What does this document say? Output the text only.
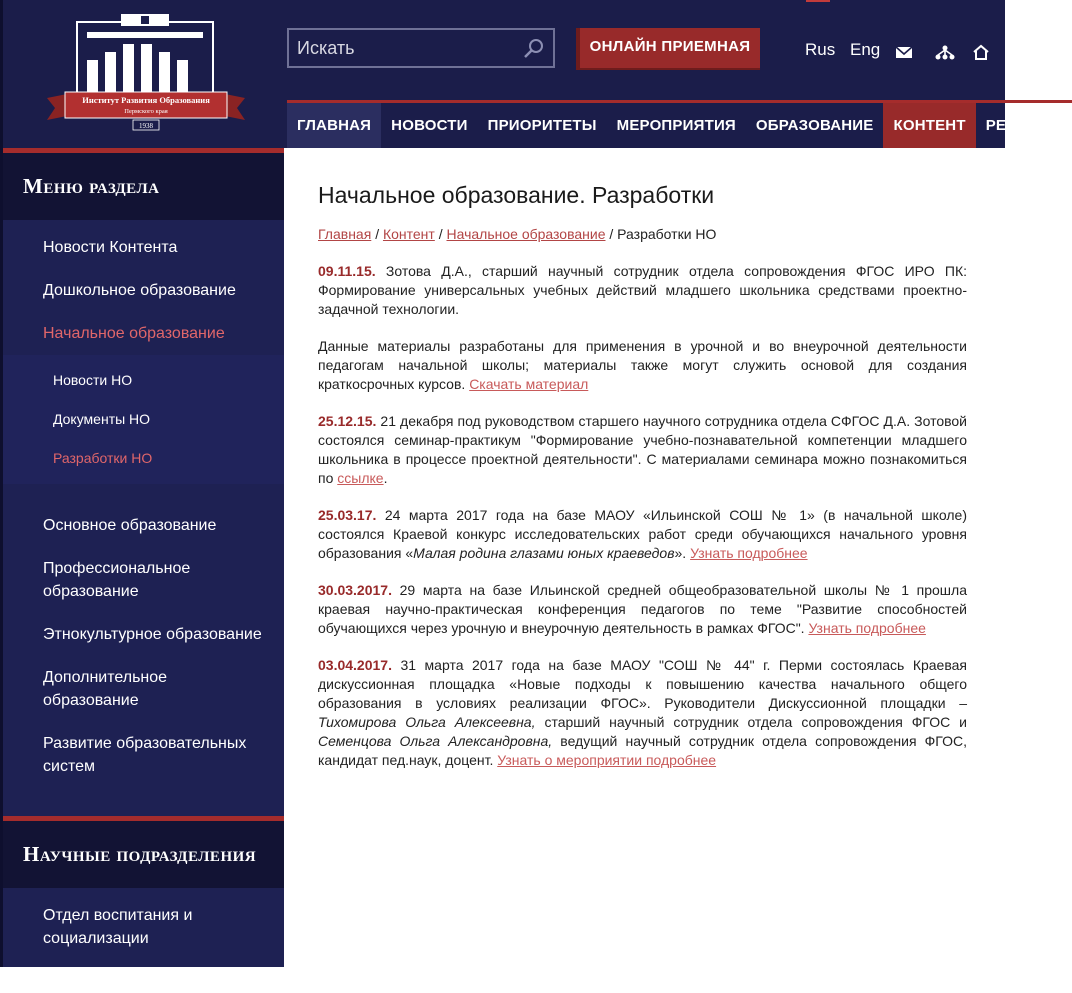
Институт Развития Образования
Пермского края
1938
Искать
ОНЛАЙН ПРИЕМНАЯ	Rus Eng
ГЛАВНАЯ	НОВОСТИ	ПРИОРИТЕТЫ	МЕРОПРИЯТИЯ	ОБРАЗОВАНИЕ	КОНТЕНТ	РЕСУРСЫ
Меню раздела
Новости Контента
Дошкольное образование
Начальное образование
Новости НО
Документы НО
Разработки НО
Основное образование
Профессиональное образование
Этнокультурное образование
Дополнительное образование
Развитие образовательных систем
Научные подразделения
Отдел воспитания и социализации
Отдел оценки качества
Начальное образование. Разработки
Главная / Контент / Начальное образование / Разработки НО

09.11.15. Зотова Д.А., старший научный сотрудник отдела сопровождения ФГОС ИРО ПК: Формирование универсальных учебных действий младшего школьника средствами проектно-задачной технологии.

Данные материалы разработаны для применения в урочной и во внеурочной деятельности педагогам начальной школы; материалы также могут служить основой для создания краткосрочных курсов. Скачать материал

25.12.15. 21 декабря под руководством старшего научного сотрудника отдела СФГОС Д.А. Зотовой состоялся семинар-практикум "Формирование учебно-познавательной компетенции младшего школьника в процессе проектной деятельности". С материалами семинара можно познакомиться по ссылке.

25.03.17. 24 марта 2017 года на базе МАОУ «Ильинской СОШ № 1» (в начальной школе) состоялся Краевой конкурс исследовательских работ среди обучающихся начального уровня образования «Малая родина глазами юных краеведов». Узнать подробнее

30.03.2017. 29 марта на базе Ильинской средней общеобразовательной школы № 1 прошла краевая научно-практическая конференция педагогов по теме "Развитие способностей обучающихся через урочную и внеурочную деятельность в рамках ФГОС". Узнать подробнее

03.04.2017. 31 марта 2017 года на базе МАОУ "СОШ № 44" г. Перми состоялась Краевая дискуссионная площадка «Новые подходы к повышению качества начального общего образования в условиях реализации ФГОС». Руководители Дискуссионной площадки – Тихомирова Ольга Алексеевна, старший научный сотрудник отдела сопровождения ФГОС и Семенцова Ольга Александровна, ведущий научный сотрудник отдела сопровождения ФГОС, кандидат пед.наук, доцент. Узнать о мероприятии подробнее
